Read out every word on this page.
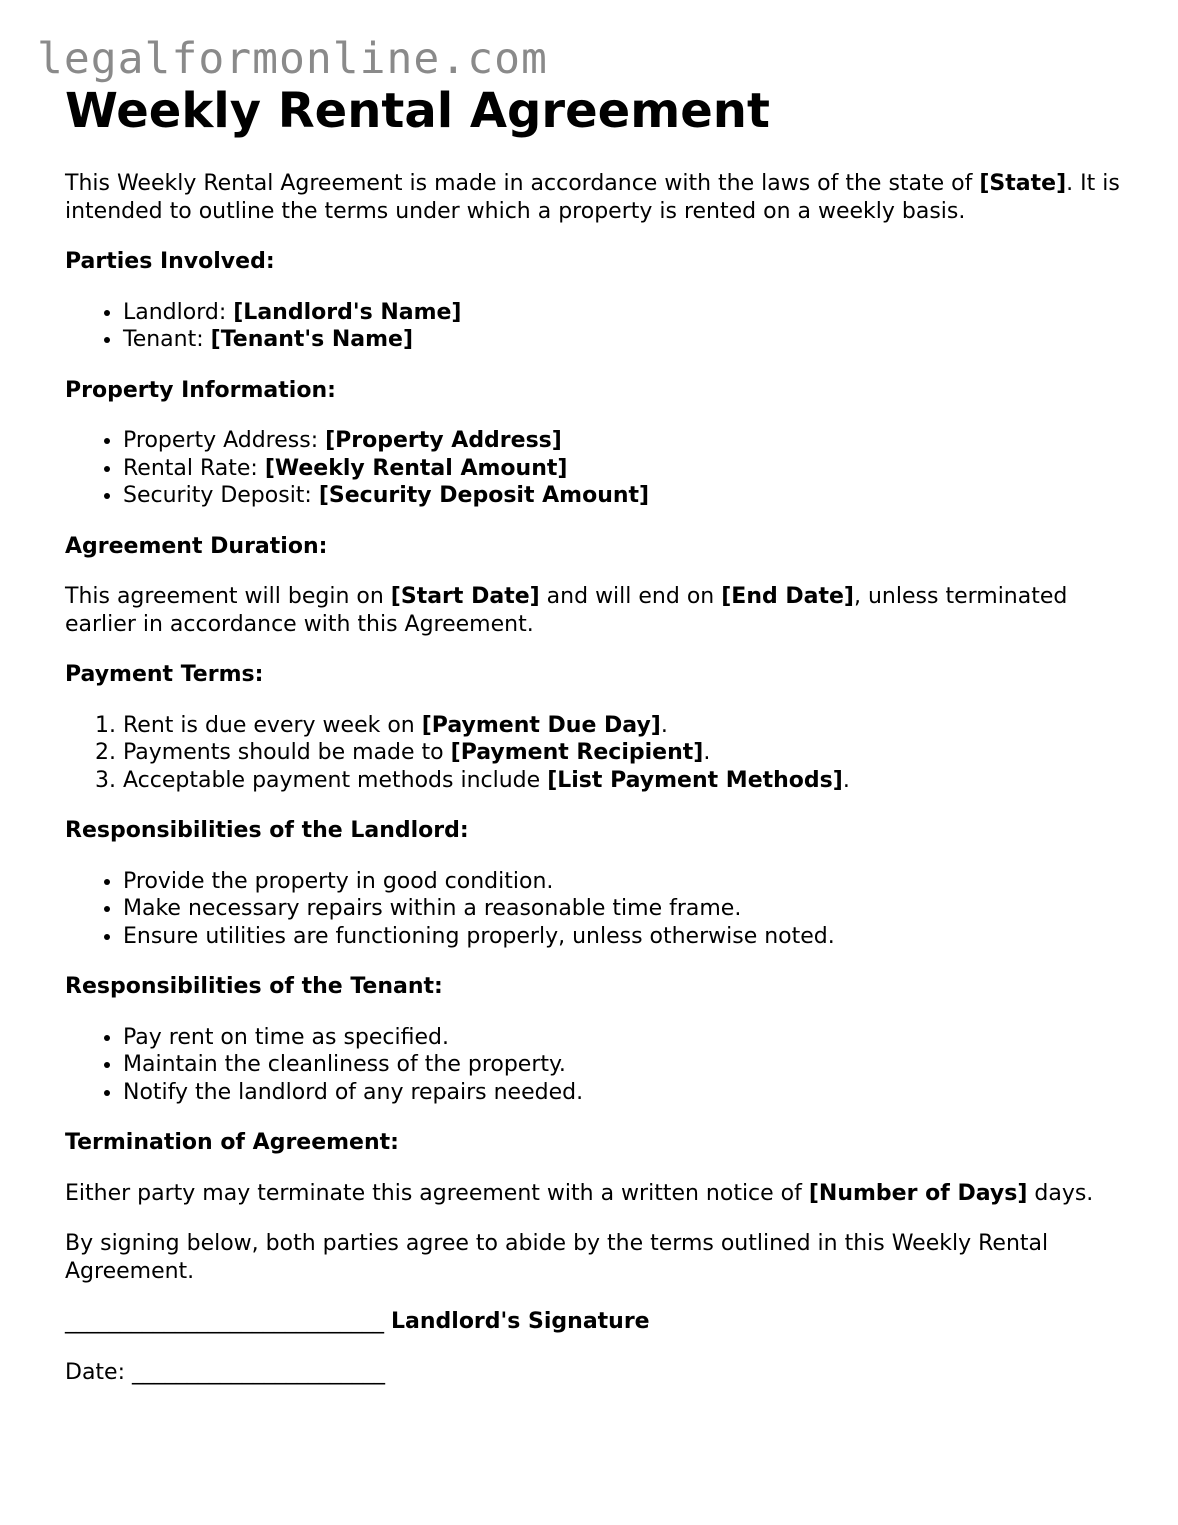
legalformonline.com
Weekly Rental Agreement

This Weekly Rental Agreement is made in accordance with the laws of the state of [State]. It is intended to outline the terms under which a property is rented on a weekly basis.

Parties Involved:
• Landlord: [Landlord's Name]
• Tenant: [Tenant's Name]
Property Information:
• Property Address: [Property Address]
• Rental Rate: [Weekly Rental Amount]
• Security Deposit: [Security Deposit Amount]
Agreement Duration:

This agreement will begin on [Start Date] and will end on [End Date], unless terminated earlier in accordance with this Agreement.

Payment Terms:
1. Rent is due every week on [Payment Due Day].
2. Payments should be made to [Payment Recipient].
3. Acceptable payment methods include [List Payment Methods].
Responsibilities of the Landlord:
• Provide the property in good condition.
• Make necessary repairs within a reasonable time frame.
• Ensure utilities are functioning properly, unless otherwise noted.
Responsibilities of the Tenant:
• Pay rent on time as specified.
• Maintain the cleanliness of the property.
• Notify the landlord of any repairs needed.
Termination of Agreement:

Either party may terminate this agreement with a written notice of [Number of Days] days.

By signing below, both parties agree to abide by the terms outlined in this Weekly Rental Agreement.

_____________________________ Landlord's Signature
Date: _______________________
